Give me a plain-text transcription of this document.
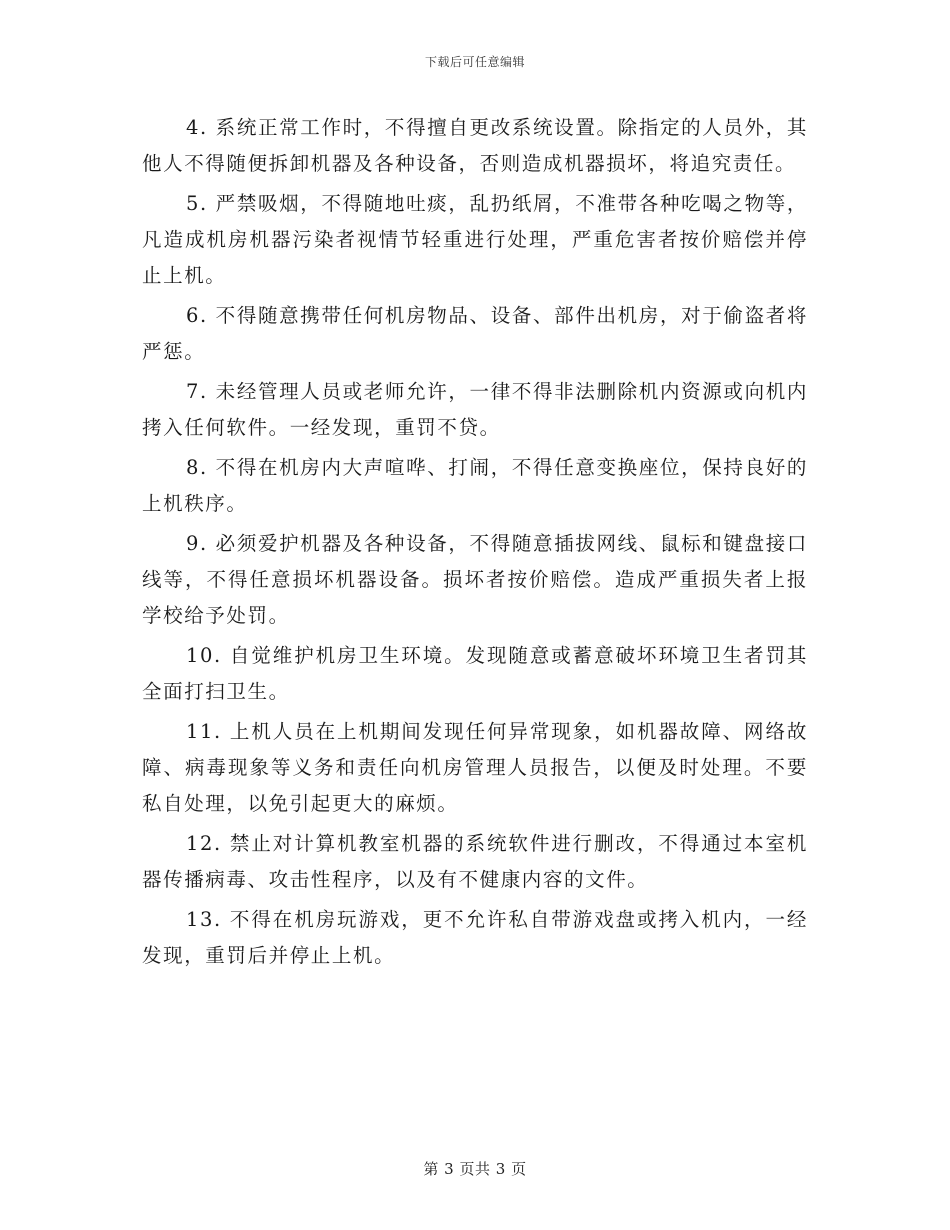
下载后可任意编辑

4. 系统正常工作时，不得擅自更改系统设置。除指定的人员外，其他人不得随便拆卸机器及各种设备，否则造成机器损坏，将追究责任。

5. 严禁吸烟，不得随地吐痰，乱扔纸屑，不准带各种吃喝之物等，凡造成机房机器污染者视情节轻重进行处理，严重危害者按价赔偿并停止上机。

6. 不得随意携带任何机房物品、设备、部件出机房，对于偷盗者将严惩。

7. 未经管理人员或老师允许，一律不得非法删除机内资源或向机内拷入任何软件。一经发现，重罚不贷。

8. 不得在机房内大声喧哗、打闹，不得任意变换座位，保持良好的上机秩序。

9. 必须爱护机器及各种设备，不得随意插拔网线、鼠标和键盘接口线等，不得任意损坏机器设备。损坏者按价赔偿。造成严重损失者上报学校给予处罚。

10. 自觉维护机房卫生环境。发现随意或蓄意破坏环境卫生者罚其全面打扫卫生。

11. 上机人员在上机期间发现任何异常现象，如机器故障、网络故障、病毒现象等义务和责任向机房管理人员报告，以便及时处理。不要私自处理，以免引起更大的麻烦。

12. 禁止对计算机教室机器的系统软件进行删改，不得通过本室机器传播病毒、攻击性程序，以及有不健康内容的文件。

13. 不得在机房玩游戏，更不允许私自带游戏盘或拷入机内，一经发现，重罚后并停止上机。

第 3 页共 3 页
